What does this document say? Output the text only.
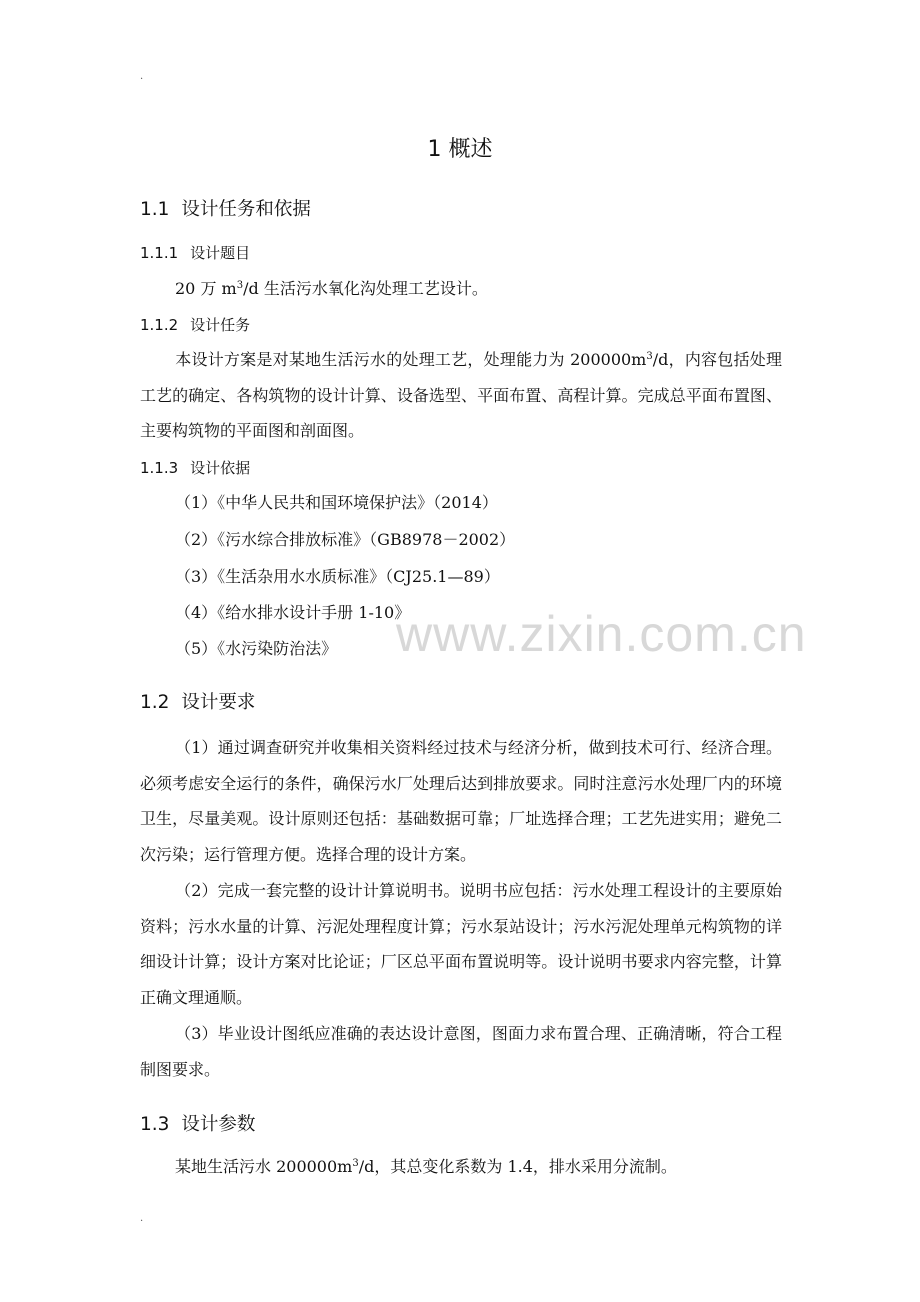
.
www.zixin.com.cn
1 概述
1.1 设计任务和依据
1.1.1 设计题目
20 万 $m^3/d$ 生活污水氧化沟处理工艺设计。
1.1.2 设计任务
本设计方案是对某地生活污水的处理工艺，处理能力为 $200000m^3/d$，内容包括处理工艺的确定、各构筑物的设计计算、设备选型、平面布置、高程计算。完成总平面布置图、主要构筑物的平面图和剖面图。
1.1.3 设计依据
（1）《中华人民共和国环境保护法》（2014）
（2）《污水综合排放标准》（GB8978－2002）
（3）《生活杂用水水质标准》（CJ25.1—89）
（4）《给水排水设计手册 1-10》
（5）《水污染防治法》
1.2 设计要求
（1）通过调查研究并收集相关资料经过技术与经济分析，做到技术可行、经济合理。必须考虑安全运行的条件，确保污水厂处理后达到排放要求。同时注意污水处理厂内的环境卫生，尽量美观。设计原则还包括：基础数据可靠；厂址选择合理；工艺先进实用；避免二次污染；运行管理方便。选择合理的设计方案。
（2）完成一套完整的设计计算说明书。说明书应包括：污水处理工程设计的主要原始资料；污水水量的计算、污泥处理程度计算；污水泵站设计；污水污泥处理单元构筑物的详细设计计算；设计方案对比论证；厂区总平面布置说明等。设计说明书要求内容完整，计算正确文理通顺。
（3）毕业设计图纸应准确的表达设计意图，图面力求布置合理、正确清晰，符合工程制图要求。
1.3 设计参数
某地生活污水 $200000m^3/d$，其总变化系数为 1.4，排水采用分流制。
.
